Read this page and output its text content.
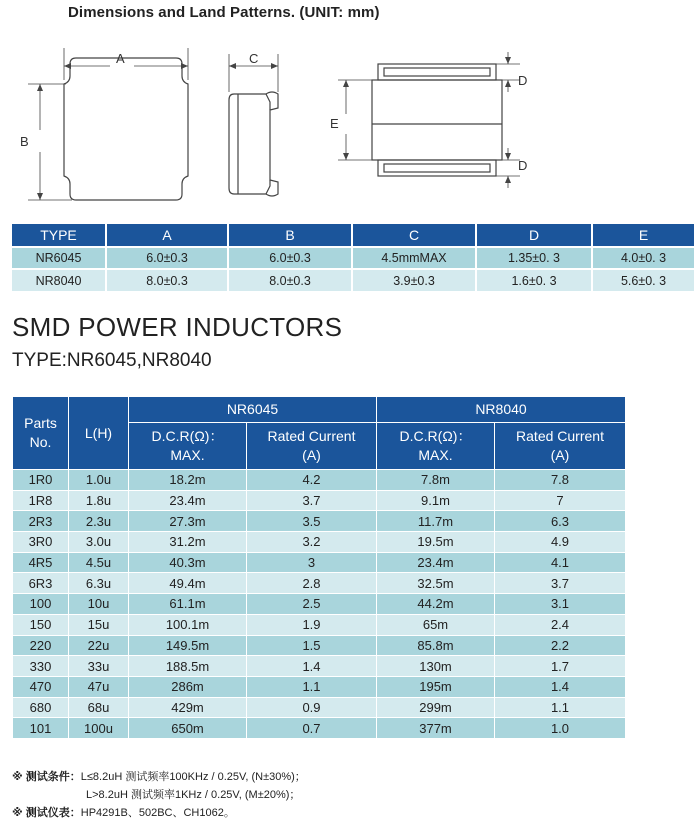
Dimensions and Land Patterns. (UNIT: mm)
A
B
C
E
D
D
TYPE	A	B	C	D	E
NR6045	6.0±0.3	6.0±0.3	4.5mmMAX	1.35±0. 3	4.0±0. 3
NR8040	8.0±0.3	8.0±0.3	3.9±0.3	1.6±0. 3	5.6±0. 3
SMD POWER INDUCTORS
TYPE:NR6045,NR8040
Parts No.	L(H)	NR6045		NR8040	
		D.C.R(Ω)：MAX.	Rated Current (A)	D.C.R(Ω)：MAX.	Rated Current (A)
1R0	1.0u	18.2m	4.2	7.8m	7.8
1R8	1.8u	23.4m	3.7	9.1m	7
2R3	2.3u	27.3m	3.5	11.7m	6.3
3R0	3.0u	31.2m	3.2	19.5m	4.9
4R5	4.5u	40.3m	3	23.4m	4.1
6R3	6.3u	49.4m	2.8	32.5m	3.7
100	10u	61.1m	2.5	44.2m	3.1
150	15u	100.1m	1.9	65m	2.4
220	22u	149.5m	1.5	85.8m	2.2
330	33u	188.5m	1.4	130m	1.7
470	47u	286m	1.1	195m	1.4
680	68u	429m	0.9	299m	1.1
101	100u	650m	0.7	377m	1.0
※ 测试条件：L≤8.2uH 测试频率100KHz / 0.25V, (N±30%)；
L>8.2uH 测试频率1KHz / 0.25V, (M±20%)；
※ 测试仪表：HP4291B、502BC、CH1062。
